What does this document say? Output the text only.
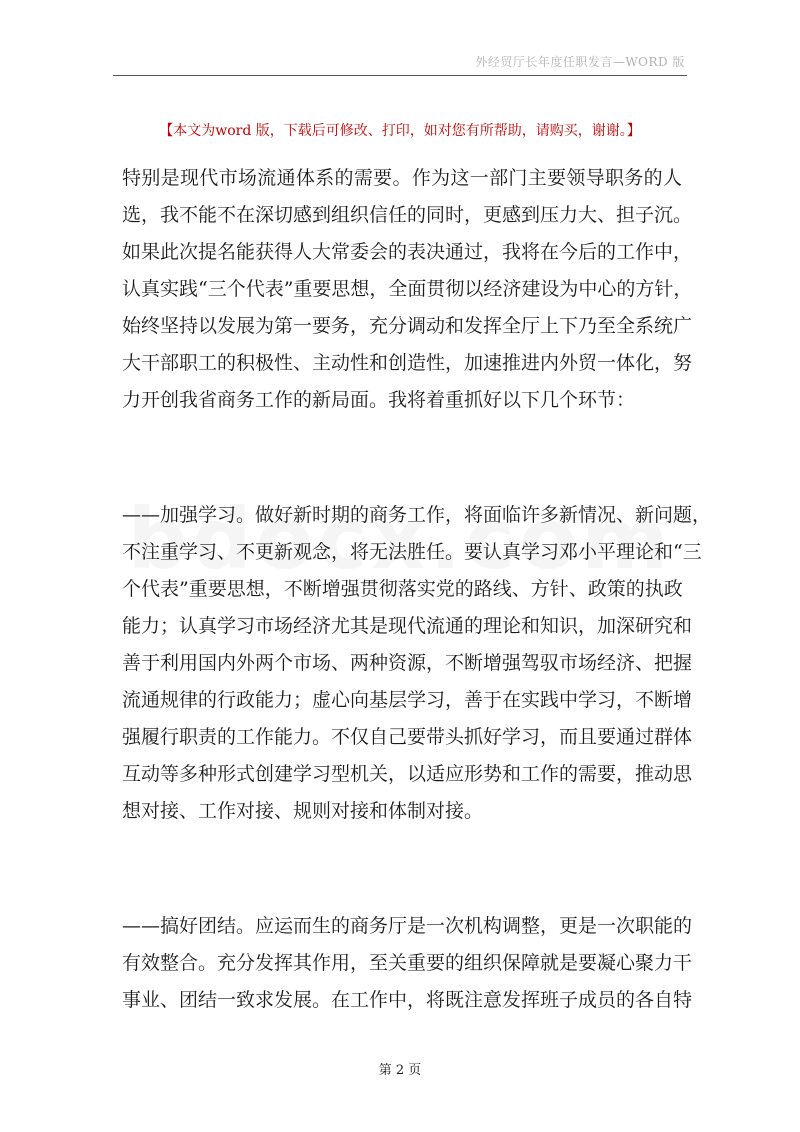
外经贸厅长年度任职发言—WORD 版
【本文为word 版，下载后可修改、打印，如对您有所帮助，请购买，谢谢。】
特别是现代市场流通体系的需要。作为这一部门主要领导职务的人
选，我不能不在深切感到组织信任的同时，更感到压力大、担子沉。
如果此次提名能获得人大常委会的表决通过，我将在今后的工作中，
认真实践“三个代表”重要思想，全面贯彻以经济建设为中心的方针，
始终坚持以发展为第一要务，充分调动和发挥全厅上下乃至全系统广
大干部职工的积极性、主动性和创造性，加速推进内外贸一体化，努
力开创我省商务工作的新局面。我将着重抓好以下几个环节：
——加强学习。做好新时期的商务工作，将面临许多新情况、新问题，
不注重学习、不更新观念，将无法胜任。要认真学习邓小平理论和“三
个代表”重要思想，不断增强贯彻落实党的路线、方针、政策的执政
能力；认真学习市场经济尤其是现代流通的理论和知识，加深研究和
善于利用国内外两个市场、两种资源，不断增强驾驭市场经济、把握
流通规律的行政能力；虚心向基层学习，善于在实践中学习，不断增
强履行职责的工作能力。不仅自己要带头抓好学习，而且要通过群体
互动等多种形式创建学习型机关，以适应形势和工作的需要，推动思
想对接、工作对接、规则对接和体制对接。
——搞好团结。应运而生的商务厅是一次机构调整，更是一次职能的
有效整合。充分发挥其作用，至关重要的组织保障就是要凝心聚力干
事业、团结一致求发展。在工作中，将既注意发挥班子成员的各自特
第 2 页
